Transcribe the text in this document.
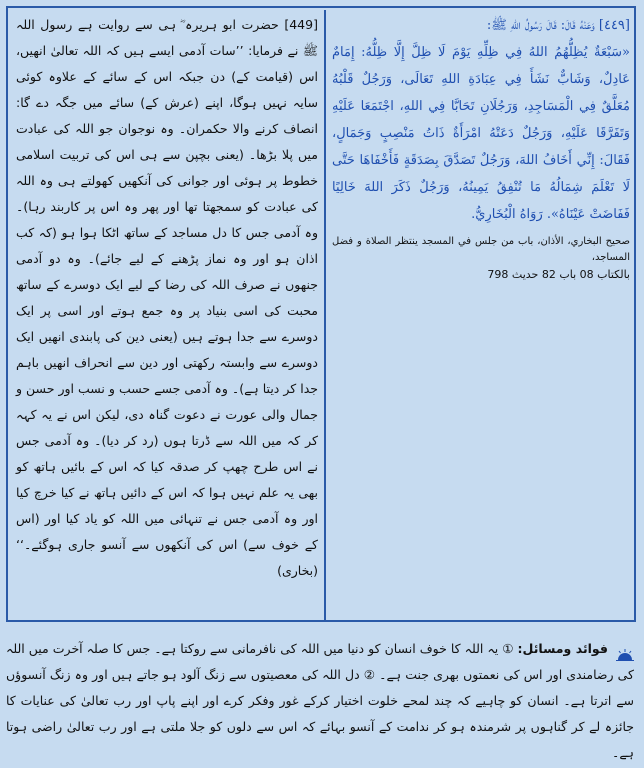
[449] حضرت ابو ہریرہ ؓ ہی سے روایت ہے رسول اللہ ﷺ نے فرمایا: ’’سات آدمی ایسے ہیں کہ اللہ تعالیٰ انھیں، اس (قیامت کے) دن جبکہ اس کے سائے کے علاوہ کوئی سایہ نہیں ہوگا، اپنے (عرش کے) سائے میں جگہ دے گا: انصاف کرنے والا حکمران۔ وہ نوجوان جو اللہ کی عبادت میں پلا بڑھا۔ (یعنی بچپن سے ہی اس کی تربیت اسلامی خطوط پر ہوئی اور جوانی کی آنکھیں کھولتے ہی وہ اللہ کی عبادت کو سمجھتا تھا اور پھر وہ اس پر کاربند رہا)۔ وہ آدمی جس کا دل مساجد کے ساتھ اٹکا ہوا ہو (کہ کب اذان ہو اور وہ نماز پڑھنے کے لیے جائے)۔ وہ دو آدمی جنھوں نے صرف اللہ کی رضا کے لیے ایک دوسرے کے ساتھ محبت کی اسی بنیاد پر وہ جمع ہوتے اور اسی پر ایک دوسرے سے جدا ہوتے ہیں (یعنی دین کی پابندی انھیں ایک دوسرے سے وابستہ رکھتی اور دین سے انحراف انھیں باہم جدا کر دیتا ہے)۔ وہ آدمی جسے حسب و نسب اور حسن و جمال والی عورت نے دعوت گناہ دی، لیکن اس نے یہ کہہ کر کہ میں اللہ سے ڈرتا ہوں (رد کر دیا)۔ وہ آدمی جس نے اس طرح چھپ کر صدقہ کیا کہ اس کے بائیں ہاتھ کو بھی یہ علم نہیں ہوا کہ اس کے دائیں ہاتھ نے کیا خرچ کیا اور وہ آدمی جس نے تنہائی میں اللہ کو یاد کیا اور (اس کے خوف سے) اس کی آنکھوں سے آنسو جاری ہوگئے۔‘‘ (بخاری)
[٤٤٩] وَعَنْهُ قَالَ: قَالَ رَسُولُ اللهِ ﷺ:
«سَبْعَةٌ يُظِلُّهُمُ اللهُ فِي ظِلِّهِ يَوْمَ لَا ظِلَّ إِلَّا ظِلُّهُ: إِمَامٌ عَادِلٌ، وَشَابٌّ نَشَأَ فِي عِبَادَةِ اللهِ تَعَالَى، وَرَجُلٌ قَلْبُهُ مُعَلَّقٌ فِي الْمَسَاجِدِ، وَرَجُلَانِ تَحَابَّا فِي اللهِ، اجْتَمَعَا عَلَيْهِ وَتَفَرَّقَا عَلَيْهِ، وَرَجُلٌ دَعَتْهُ امْرَأَةٌ ذَاتُ مَنْصِبٍ وَجَمَالٍ، فَقَالَ: إِنِّي أَخَافُ اللهَ، وَرَجُلٌ تَصَدَّقَ بِصَدَقَةٍ فَأَخْفَاهَا حَتَّى لَا تَعْلَمَ شِمَالُهُ مَا تُنْفِقُ يَمِينُهُ، وَرَجُلٌ ذَكَرَ اللهَ خَالِيًا فَفَاضَتْ عَيْنَاهُ». رَوَاهُ الْبُخَارِيُّ.
صحيح البخاري، الأذان، باب من جلس في المسجد ينتظر الصلاة و فضل المساجد،
بالكتاب 08 باب 82 حديث 798
فوائد ومسائل: ① یہ اللہ کا خوف انسان کو دنیا میں اللہ کی نافرمانی سے روکتا ہے۔ جس کا صلہ آخرت میں اللہ کی رضامندی اور اس کی نعمتوں بھری جنت ہے۔ ② دل اللہ کی معصیتوں سے زنگ آلود ہو جاتے ہیں اور وہ زنگ آنسوؤں سے اترتا ہے۔ انسان کو چاہیے کہ چند لمحے خلوت اختیار کرکے غور وفکر کرے اور اپنے پاپ اور رب تعالیٰ کی عنایات کا جائزہ لے کر گناہوں پر شرمندہ ہو کر ندامت کے آنسو بہائے کہ اس سے دلوں کو جلا ملتی ہے اور رب تعالیٰ راضی ہوتا ہے۔
